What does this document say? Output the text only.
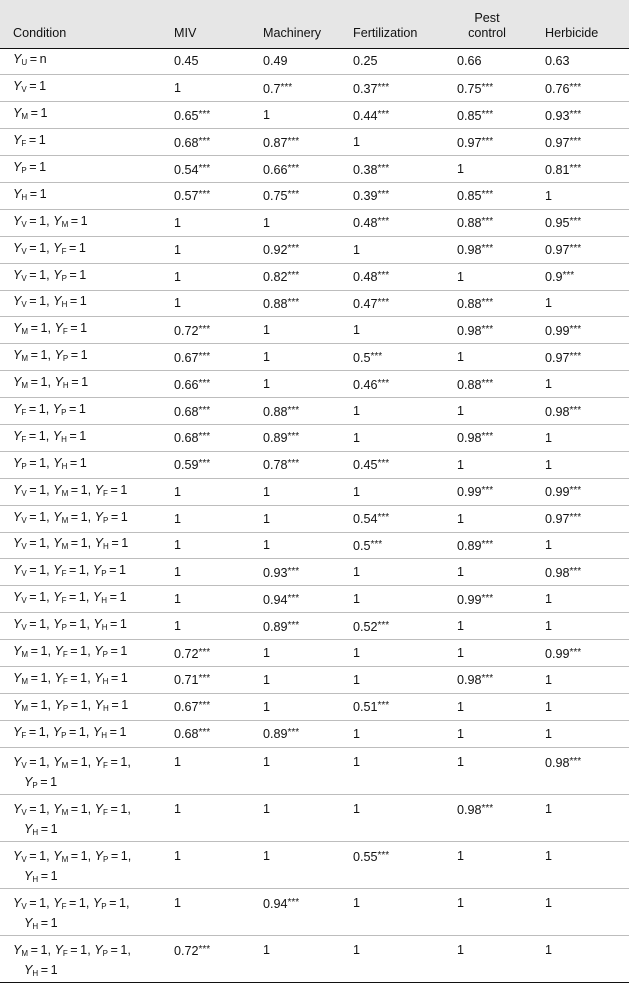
Condition	MIV	Machinery	Fertilization	Pest control	Herbicide

$Y_U = n$	0.45	0.49	0.25	0.66	0.63

$Y_V = 1$	1	0.7***	0.37***	0.75***	0.76***

$Y_M = 1$	0.65***	1	0.44***	0.85***	0.93***

$Y_F = 1$	0.68***	0.87***	1	0.97***	0.97***

$Y_P = 1$	0.54***	0.66***	0.38***	1	0.81***

$Y_H = 1$	0.57***	0.75***	0.39***	0.85***	1

$Y_V = 1$, $Y_M = 1$	1	1	0.48***	0.88***	0.95***

$Y_V = 1$, $Y_F = 1$	1	0.92***	1	0.98***	0.97***

$Y_V = 1$, $Y_P = 1$	1	0.82***	0.48***	1	0.9***

$Y_V = 1$, $Y_H = 1$	1	0.88***	0.47***	0.88***	1

$Y_M = 1$, $Y_F = 1$	0.72***	1	1	0.98***	0.99***

$Y_M = 1$, $Y_P = 1$	0.67***	1	0.5***	1	0.97***

$Y_M = 1$, $Y_H = 1$	0.66***	1	0.46***	0.88***	1

$Y_F = 1$, $Y_P = 1$	0.68***	0.88***	1	1	0.98***

$Y_F = 1$, $Y_H = 1$	0.68***	0.89***	1	0.98***	1

$Y_P = 1$, $Y_H = 1$	0.59***	0.78***	0.45***	1	1

$Y_V = 1$, $Y_M = 1$, $Y_F = 1$	1	1	1	0.99***	0.99***

$Y_V = 1$, $Y_M = 1$, $Y_P = 1$	1	1	0.54***	1	0.97***

$Y_V = 1$, $Y_M = 1$, $Y_H = 1$	1	1	0.5***	0.89***	1

$Y_V = 1$, $Y_F = 1$, $Y_P = 1$	1	0.93***	1	1	0.98***

$Y_V = 1$, $Y_F = 1$, $Y_H = 1$	1	0.94***	1	0.99***	1

$Y_V = 1$, $Y_P = 1$, $Y_H = 1$	1	0.89***	0.52***	1	1

$Y_M = 1$, $Y_F = 1$, $Y_P = 1$	0.72***	1	1	1	0.99***

$Y_M = 1$, $Y_F = 1$, $Y_H = 1$	0.71***	1	1	0.98***	1

$Y_M = 1$, $Y_P = 1$, $Y_H = 1$	0.67***	1	0.51***	1	1

$Y_F = 1$, $Y_P = 1$, $Y_H = 1$	0.68***	0.89***	1	1	1

$Y_V = 1$, $Y_M = 1$, $Y_F = 1$,
$Y_P = 1$	1	1	1	1	0.98***

$Y_V = 1$, $Y_M = 1$, $Y_F = 1$,
$Y_H = 1$	1	1	1	0.98***	1

$Y_V = 1$, $Y_M = 1$, $Y_P = 1$,
$Y_H = 1$	1	1	0.55***	1	1

$Y_V = 1$, $Y_F = 1$, $Y_P = 1$,
$Y_H = 1$	1	0.94***	1	1	1

$Y_M = 1$, $Y_F = 1$, $Y_P = 1$,
$Y_H = 1$	0.72***	1	1	1	1
